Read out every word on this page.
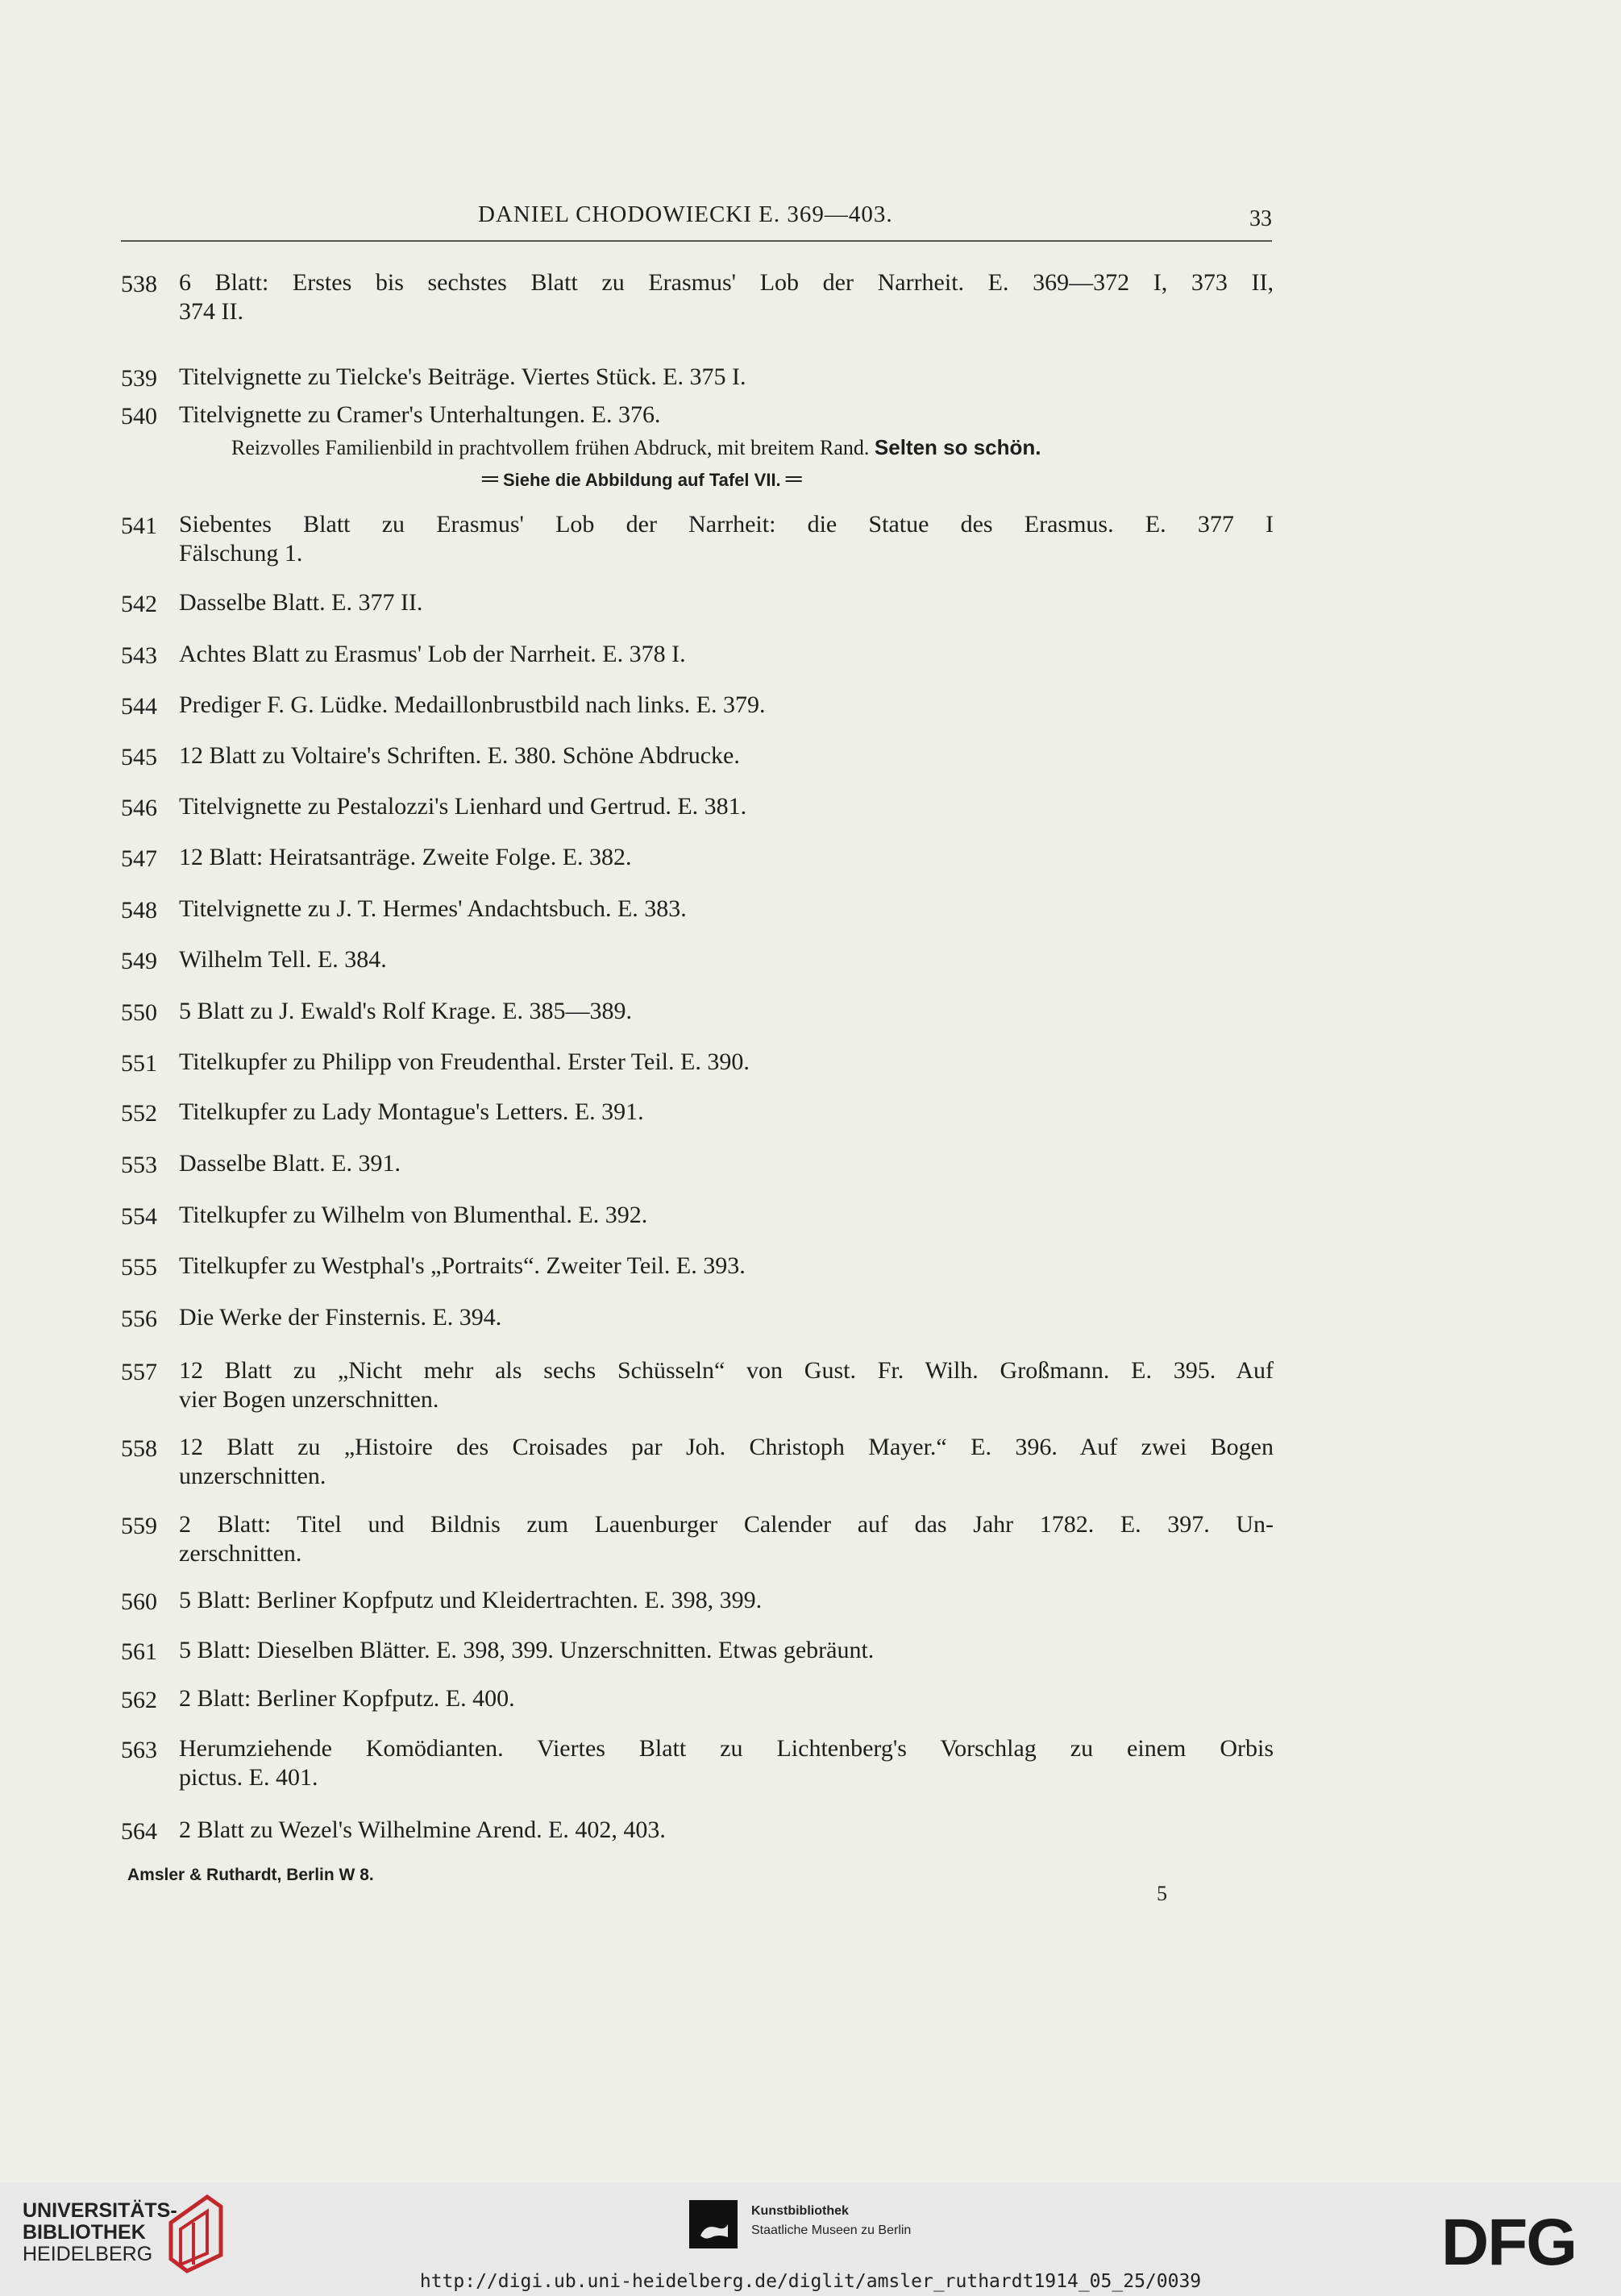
DANIEL CHODOWIECKI E. 369—403.	33
538 6 Blatt: Erstes bis sechstes Blatt zu Erasmus' Lob der Narrheit. E. 369—372 I, 373 II,
374 II.
539 Titelvignette zu Tielcke's Beiträge. Viertes Stück. E. 375 I.
540 Titelvignette zu Cramer's Unterhaltungen. E. 376.
541 Siebentes Blatt zu Erasmus' Lob der Narrheit: die Statue des Erasmus. E. 377 I
Fälschung 1.
542 Dasselbe Blatt. E. 377 II.
543 Achtes Blatt zu Erasmus' Lob der Narrheit. E. 378 I.
544 Prediger F. G. Lüdke. Medaillonbrustbild nach links. E. 379.
545 12 Blatt zu Voltaire's Schriften. E. 380. Schöne Abdrucke.
546 Titelvignette zu Pestalozzi's Lienhard und Gertrud. E. 381.
547 12 Blatt: Heiratsanträge. Zweite Folge. E. 382.
548 Titelvignette zu J. T. Hermes' Andachtsbuch. E. 383.
549 Wilhelm Tell. E. 384.
550 5 Blatt zu J. Ewald's Rolf Krage. E. 385—389.
551 Titelkupfer zu Philipp von Freudenthal. Erster Teil. E. 390.
552 Titelkupfer zu Lady Montague's Letters. E. 391.
553 Dasselbe Blatt. E. 391.
554 Titelkupfer zu Wilhelm von Blumenthal. E. 392.
555 Titelkupfer zu Westphal's „Portraits“. Zweiter Teil. E. 393.
556 Die Werke der Finsternis. E. 394.
557 12 Blatt zu „Nicht mehr als sechs Schüsseln“ von Gust. Fr. Wilh. Großmann. E. 395. Auf
vier Bogen unzerschnitten.
558 12 Blatt zu „Histoire des Croisades par Joh. Christoph Mayer.“ E. 396. Auf zwei Bogen
unzerschnitten.
559 2 Blatt: Titel und Bildnis zum Lauenburger Calender auf das Jahr 1782. E. 397. Un-
zerschnitten.
560 5 Blatt: Berliner Kopfputz und Kleidertrachten. E. 398, 399.
561 5 Blatt: Dieselben Blätter. E. 398, 399. Unzerschnitten. Etwas gebräunt.
562 2 Blatt: Berliner Kopfputz. E. 400.
563 Herumziehende Komödianten. Viertes Blatt zu Lichtenberg's Vorschlag zu einem Orbis
pictus. E. 401.
564 2 Blatt zu Wezel's Wilhelmine Arend. E. 402, 403.
Reizvolles Familienbild in prachtvollem frühen Abdruck, mit breitem Rand. Selten so schön.
═ Siehe die Abbildung auf Tafel VII. ═
Amsler & Ruthardt, Berlin W 8.
5
UNIVERSITÄTS-
BIBLIOTHEK
HEIDELBERG
Kunstbibliothek
Staatliche Museen zu Berlin	DFG
http://digi.ub.uni-heidelberg.de/diglit/amsler_ruthardt1914_05_25/0039
